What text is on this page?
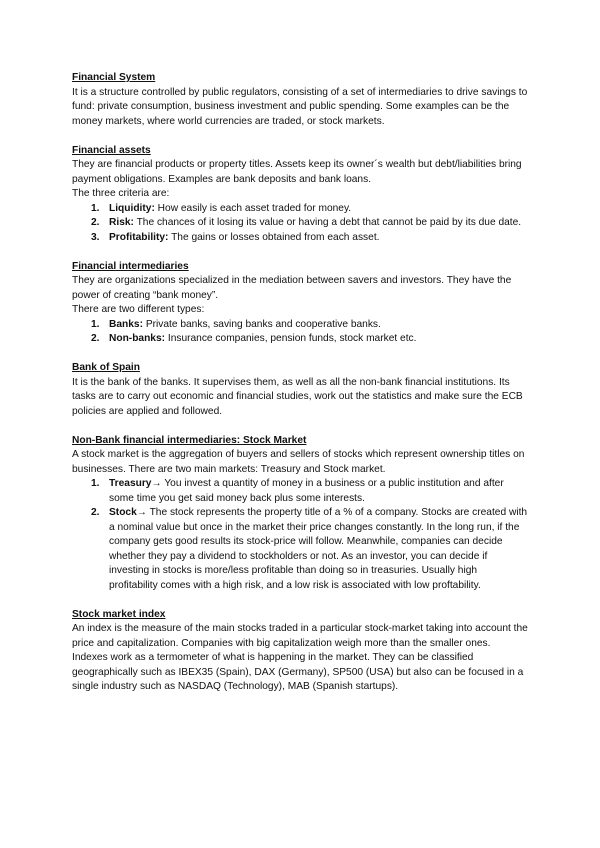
Financial System

It is a structure controlled by public regulators, consisting of a set of intermediaries to drive savings to fund: private consumption, business investment and public spending. Some examples can be the money markets, where world currencies are traded, or stock markets.

Financial assets

They are financial products or property titles. Assets keep its owner´s wealth but debt/liabilities bring payment obligations. Examples are bank deposits and bank loans.

The three criteria are:

1. Liquidity: How easily is each asset traded for money.
2. Risk: The chances of it losing its value or having a debt that cannot be paid by its due date.
3. Profitability: The gains or losses obtained from each asset.

Financial intermediaries

They are organizations specialized in the mediation between savers and investors. They have the power of creating “bank money”.

There are two different types:

1. Banks: Private banks, saving banks and cooperative banks.
2. Non-banks: Insurance companies, pension funds, stock market etc.

Bank of Spain

It is the bank of the banks. It supervises them, as well as all the non-bank financial institutions. Its tasks are to carry out economic and financial studies, work out the statistics and make sure the ECB policies are applied and followed.

Non-Bank financial intermediaries: Stock Market

A stock market is the aggregation of buyers and sellers of stocks which represent ownership titles on businesses. There are two main markets: Treasury and Stock market.

1. Treasury→ You invest a quantity of money in a business or a public institution and after some time you get said money back plus some interests.
2. Stock→ The stock represents the property title of a % of a company. Stocks are created with a nominal value but once in the market their price changes constantly. In the long run, if the company gets good results its stock-price will follow. Meanwhile, companies can decide whether they pay a dividend to stockholders or not. As an investor, you can decide if investing in stocks is more/less profitable than doing so in treasuries. Usually high profitability comes with a high risk, and a low risk is associated with low proftability.

Stock market index

An index is the measure of the main stocks traded in a particular stock-market taking into account the price and capitalization. Companies with big capitalization weigh more than the smaller ones.

Indexes work as a termometer of what is happening in the market. They can be classified geographically such as IBEX35 (Spain), DAX (Germany), SP500 (USA) but also can be focused in a single industry such as NASDAQ (Technology), MAB (Spanish startups).
